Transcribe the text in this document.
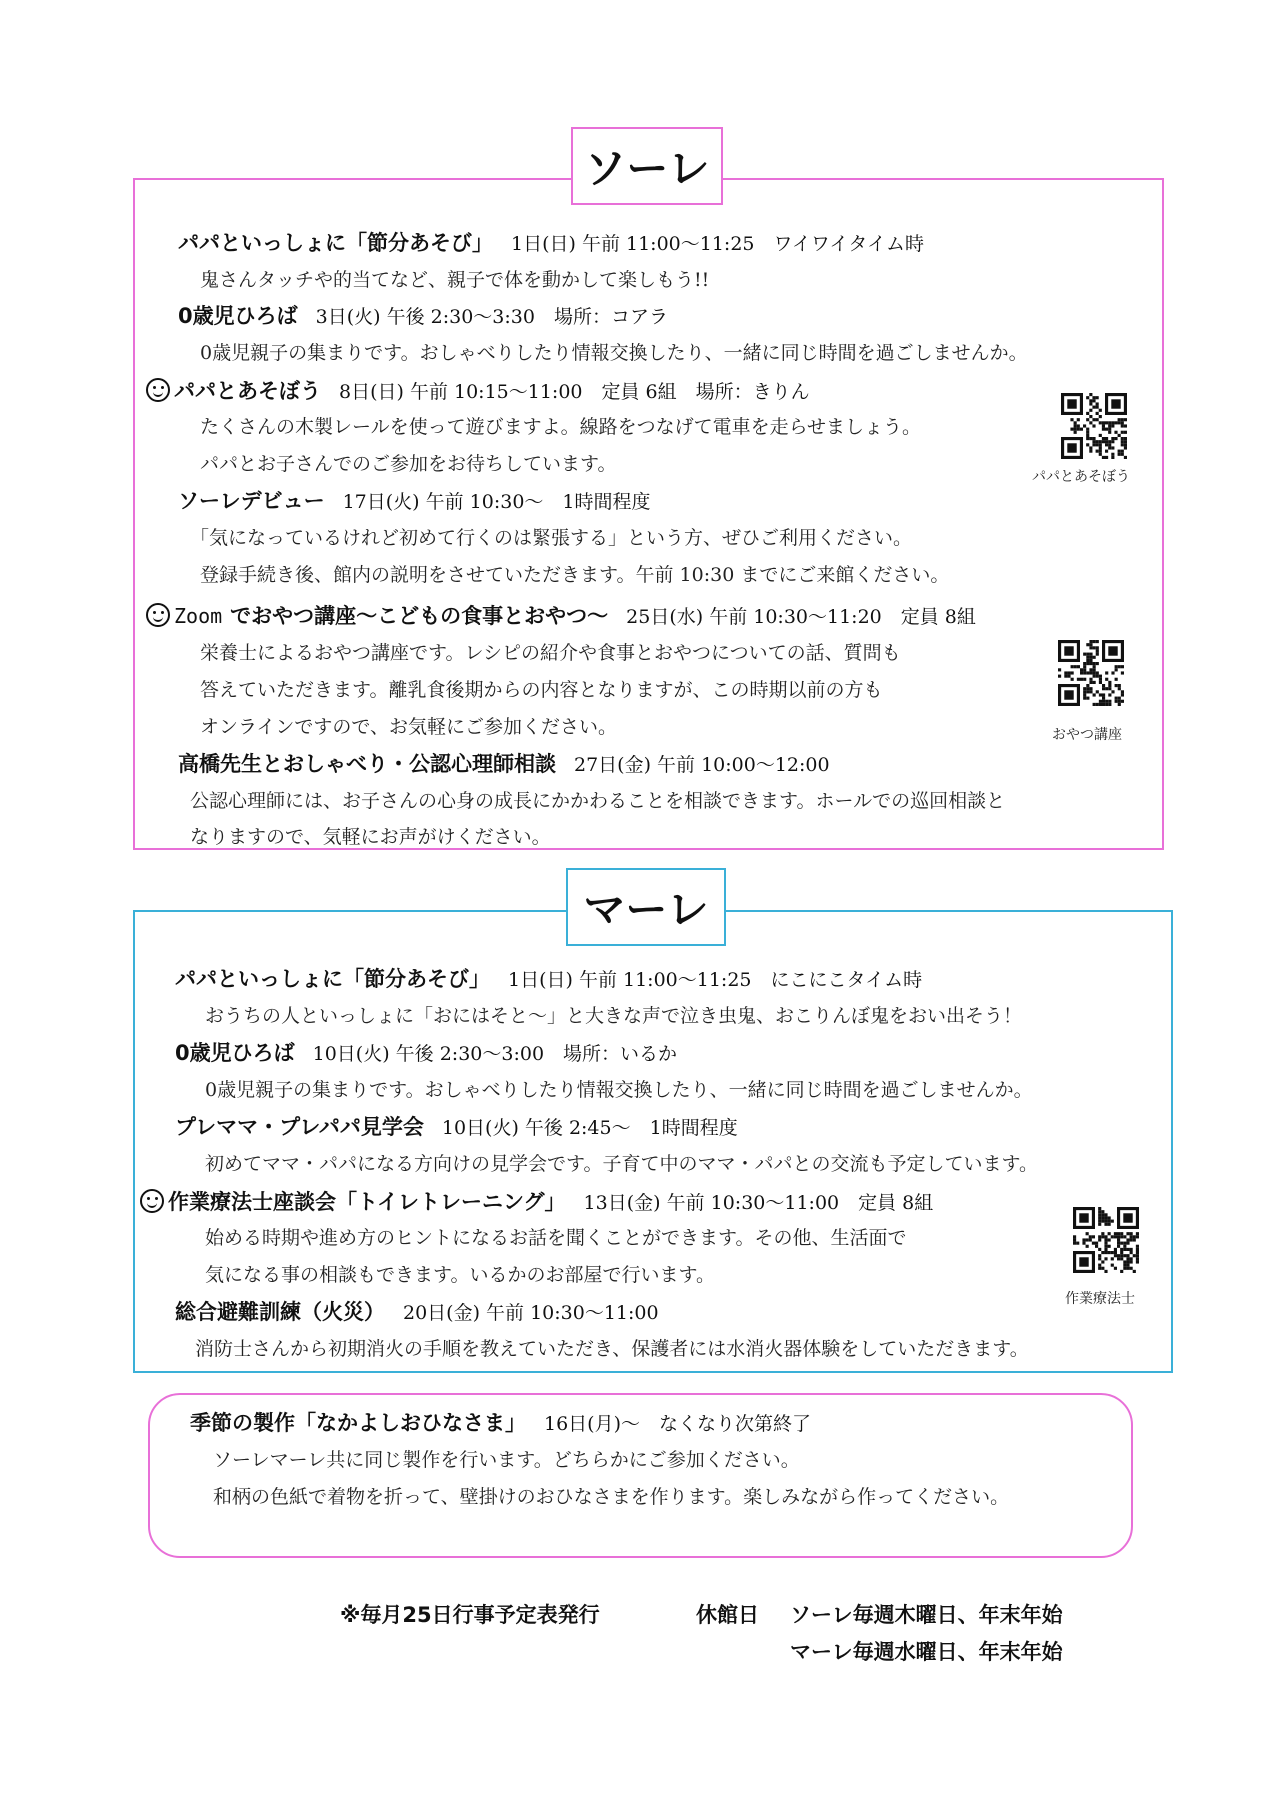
ソーレ
マーレ
パパといっしょに「節分あそび」 1日(日) 午前 11:00～11:25　ワイワイタイム時
鬼さんタッチや的当てなど、親子で体を動かして楽しもう!!
0歳児ひろば 3日(火) 午後 2:30～3:30　場所：コアラ
0歳児親子の集まりです。おしゃべりしたり情報交換したり、一緒に同じ時間を過ごしませんか。
パパとあそぼう 8日(日) 午前 10:15～11:00　定員 6組　場所：きりん
たくさんの木製レールを使って遊びますよ。線路をつなげて電車を走らせましょう。
パパとお子さんでのご参加をお待ちしています。
ソーレデビュー 17日(火) 午前 10:30～　1時間程度
「気になっているけれど初めて行くのは緊張する」という方、ぜひご利用ください。
登録手続き後、館内の説明をさせていただきます。午前 10:30 までにご来館ください。
Zoom でおやつ講座～こどもの食事とおやつ～ 25日(水) 午前 10:30～11:20　定員 8組
栄養士によるおやつ講座です。レシピの紹介や食事とおやつについての話、質問も
答えていただきます。離乳食後期からの内容となりますが、この時期以前の方も
オンラインですので、お気軽にご参加ください。
高橋先生とおしゃべり・公認心理師相談 27日(金) 午前 10:00～12:00
公認心理師には、お子さんの心身の成長にかかわることを相談できます。ホールでの巡回相談と
なりますので、気軽にお声がけください。
パパとあそぼう
おやつ講座
パパといっしょに「節分あそび」 1日(日) 午前 11:00～11:25　にこにこタイム時
おうちの人といっしょに「おにはそと～」と大きな声で泣き虫鬼、おこりんぼ鬼をおい出そう！
0歳児ひろば 10日(火) 午後 2:30～3:00　場所：いるか
0歳児親子の集まりです。おしゃべりしたり情報交換したり、一緒に同じ時間を過ごしませんか。
プレママ・プレパパ見学会 10日(火) 午後 2:45～　1時間程度
初めてママ・パパになる方向けの見学会です。子育て中のママ・パパとの交流も予定しています。
作業療法士座談会「トイレトレーニング」 13日(金) 午前 10:30～11:00　定員 8組
始める時期や進め方のヒントになるお話を聞くことができます。その他、生活面で
気になる事の相談もできます。いるかのお部屋で行います。
総合避難訓練（火災） 20日(金) 午前 10:30～11:00
消防士さんから初期消火の手順を教えていただき、保護者には水消火器体験をしていただきます。
作業療法士
季節の製作「なかよしおひなさま」 16日(月)～　なくなり次第終了
ソーレマーレ共に同じ製作を行います。どちらかにご参加ください。
和柄の色紙で着物を折って、壁掛けのおひなさまを作ります。楽しみながら作ってください。
※毎月25日行事予定表発行	休館日 ソーレ毎週木曜日、年末年始
マーレ毎週水曜日、年末年始
